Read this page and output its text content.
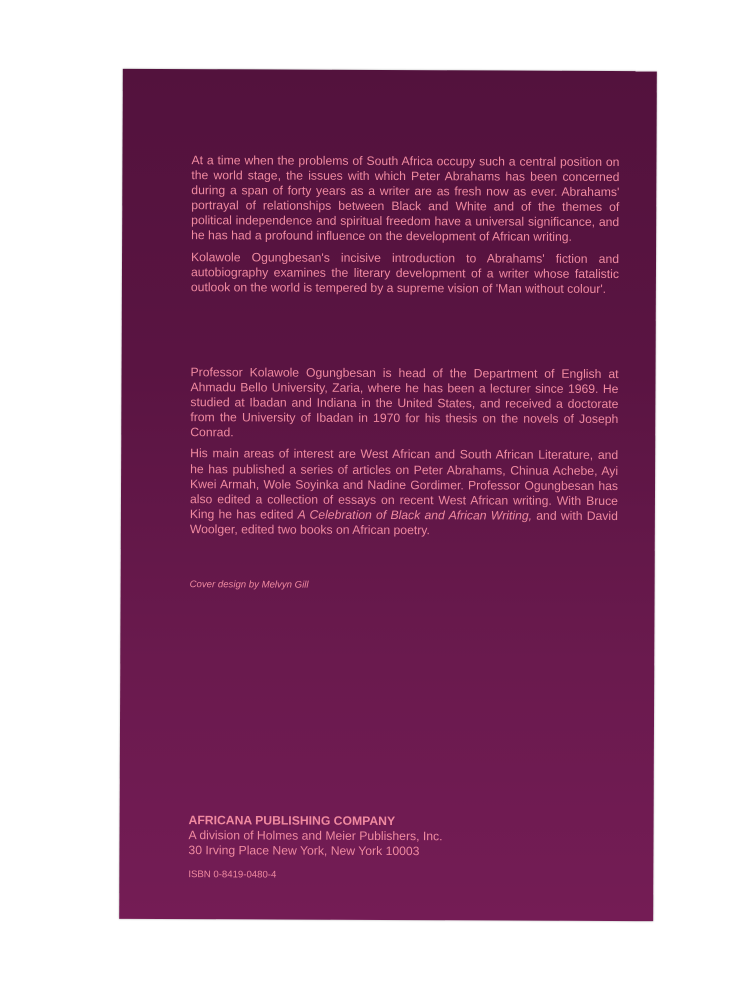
At a time when the problems of South Africa occupy such a central position on the world stage, the issues with which Peter Abrahams has been concerned during a span of forty years as a writer are as fresh now as ever. Abrahams' portrayal of relationships between Black and White and of the themes of political independence and spiritual freedom have a universal significance, and he has had a profound influence on the development of African writing.

Kolawole Ogungbesan's incisive introduction to Abrahams' fiction and autobiography examines the literary development of a writer whose fatalistic outlook on the world is tempered by a supreme vision of 'Man without colour'.

Professor Kolawole Ogungbesan is head of the Department of English at Ahmadu Bello University, Zaria, where he has been a lecturer since 1969. He studied at Ibadan and Indiana in the United States, and received a doctorate from the University of Ibadan in 1970 for his thesis on the novels of Joseph Conrad.

His main areas of interest are West African and South African Literature, and he has published a series of articles on Peter Abrahams, Chinua Achebe, Ayi Kwei Armah, Wole Soyinka and Nadine Gordimer. Professor Ogungbesan has also edited a collection of essays on recent West African writing. With Bruce King he has edited A Celebration of Black and African Writing, and with David Woolger, edited two books on African poetry.

Cover design by Melvyn Gill
AFRICANA PUBLISHING COMPANY
A division of Holmes and Meier Publishers, Inc.
30 Irving Place New York, New York 10003
ISBN 0-8419-0480-4
